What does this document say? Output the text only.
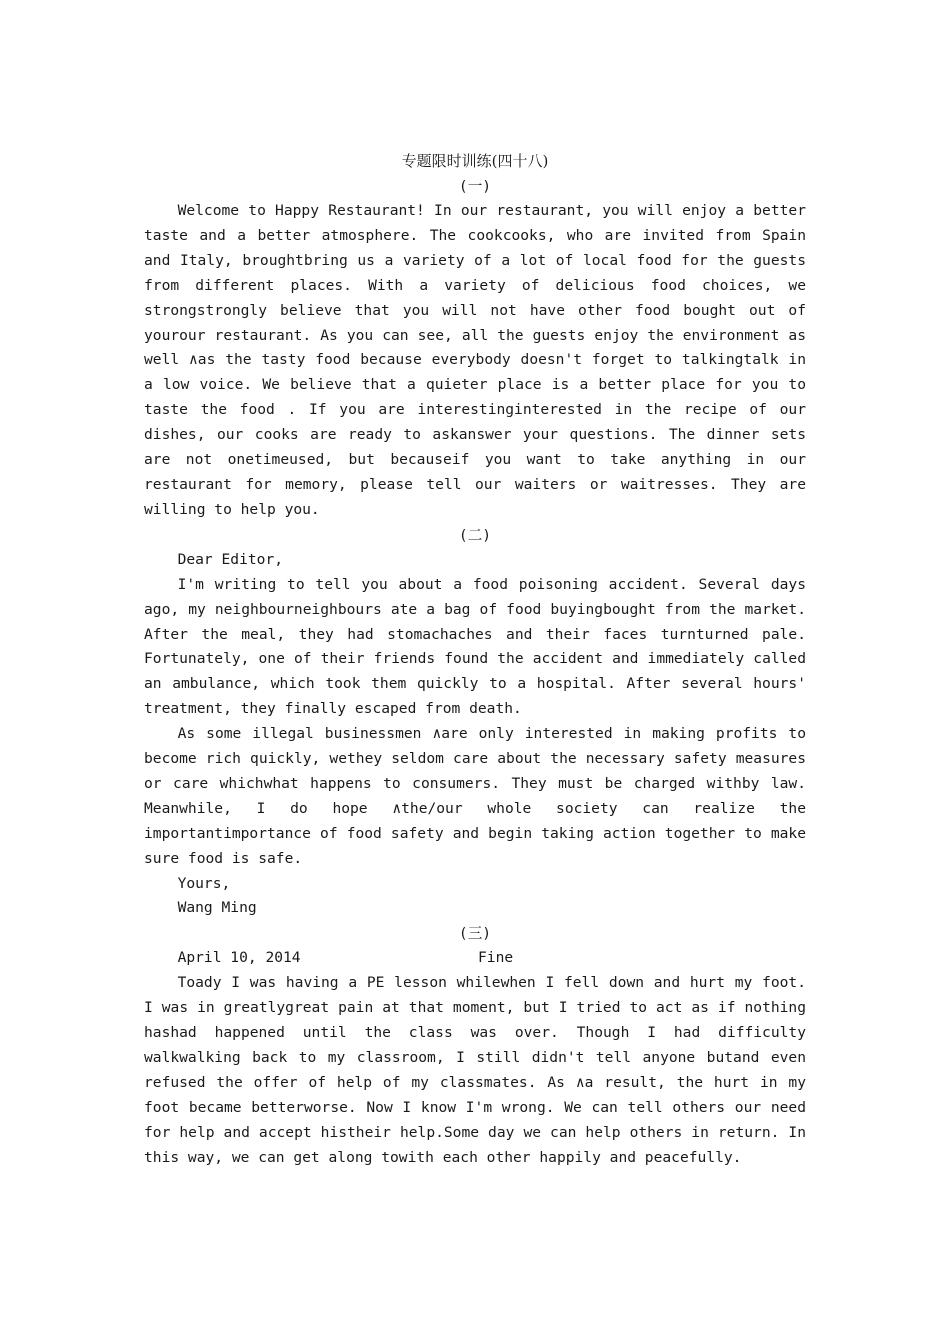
专题限时训练(四十八)
(一)

Welcome to Happy Restaurant! In our restaurant, you will enjoy a better taste and a better atmosphere. The cookcooks, who are invited from Spain and Italy, broughtbring us a variety of a lot of local food for the guests from different places. With a variety of delicious food choices, we strongstrongly believe that you will not have other food bought out of yourour restaurant. As you can see, all the guests enjoy the environment as well ∧as the tasty food because everybody doesn't forget to talkingtalk in a low voice. We believe that a quieter place is a better place for you to taste the food . If you are interestinginterested in the recipe of our dishes, our cooks are ready to askanswer your questions. The dinner sets are not onetimeused, but becauseif you want to take anything in our restaurant for memory, please tell our waiters or waitresses. They are willing to help you.

(二)
Dear Editor,

I'm writing to tell you about a food poisoning accident. Several days ago, my neighbourneighbours ate a bag of food buyingbought from the market. After the meal, they had stomachaches and their faces turnturned pale. Fortunately, one of their friends found the accident and immediately called an ambulance, which took them quickly to a hospital. After several hours' treatment, they finally escaped from death.

As some illegal businessmen ∧are only interested in making profits to become rich quickly, wethey seldom care about the necessary safety measures or care whichwhat happens to consumers. They must be charged withby law. Meanwhile, I do hope ∧the/our whole society can realize the importantimportance of food safety and begin taking action together to make sure food is safe.

Yours,
Wang Ming
(三)
April 10, 2014	Fine

Toady I was having a PE lesson whilewhen I fell down and hurt my foot. I was in greatlygreat pain at that moment, but I tried to act as if nothing hashad happened until the class was over. Though I had difficulty walkwalking back to my classroom, I still didn't tell anyone butand even refused the offer of help of my classmates. As ∧a result, the hurt in my foot became betterworse. Now I know I'm wrong. We can tell others our need for help and accept histheir help.Some day we can help others in return. In this way, we can get along towith each other happily and peacefully.
